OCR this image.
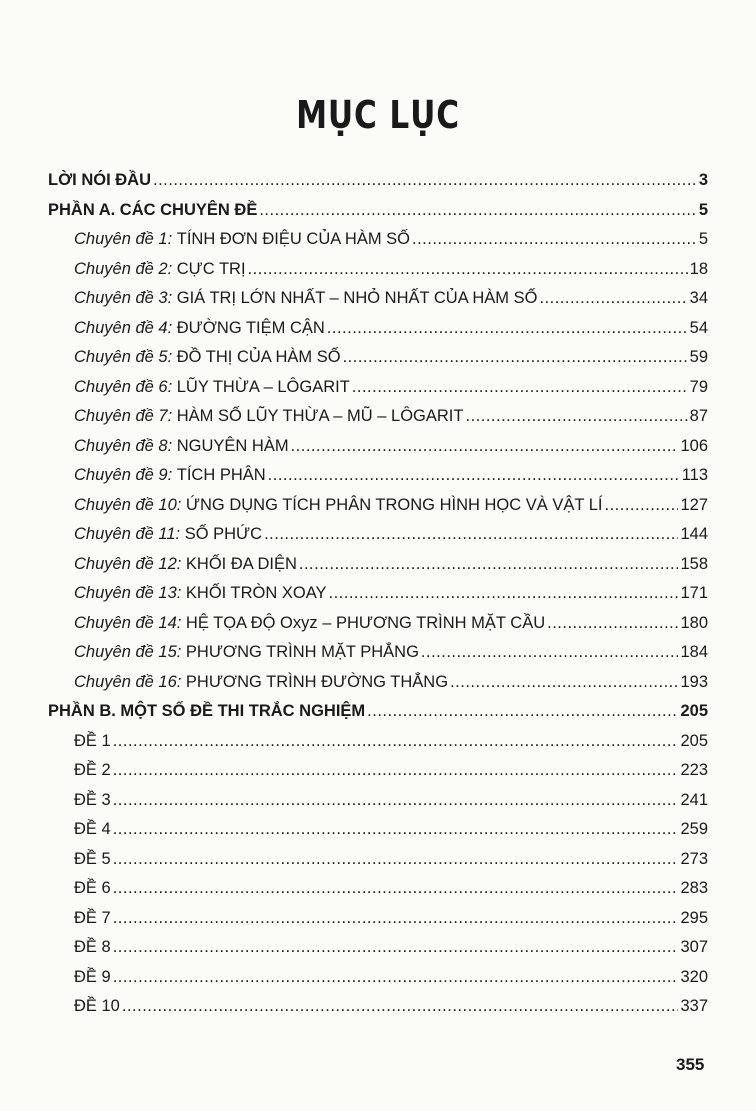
MỤC LỤC
LỜI NÓI ĐẦU .....	3
PHẦN A. CÁC CHUYÊN ĐỀ .....	5
Chuyên đề 1: TÍNH ĐƠN ĐIỆU CỦA HÀM SỐ .....	5
Chuyên đề 2: CỰC TRỊ .....	18
Chuyên đề 3: GIÁ TRỊ LỚN NHẤT – NHỎ NHẤT CỦA HÀM SỐ .....	34
Chuyên đề 4: ĐƯỜNG TIỆM CẬN .....	54
Chuyên đề 5: ĐỒ THỊ CỦA HÀM SỐ .....	59
Chuyên đề 6: LŨY THỪA – LÔGARIT .....	79
Chuyên đề 7: HÀM SỐ LŨY THỪA – MŨ – LÔGARIT .....	87
Chuyên đề 8: NGUYÊN HÀM .....	106
Chuyên đề 9: TÍCH PHÂN .....	113
Chuyên đề 10: ỨNG DỤNG TÍCH PHÂN TRONG HÌNH HỌC VÀ VẬT LÍ .....	127
Chuyên đề 11: SỐ PHỨC .....	144
Chuyên đề 12: KHỐI ĐA DIỆN .....	158
Chuyên đề 13: KHỐI TRÒN XOAY .....	171
Chuyên đề 14: HỆ TỌA ĐỘ Oxyz – PHƯƠNG TRÌNH MẶT CẦU .....	180
Chuyên đề 15: PHƯƠNG TRÌNH MẶT PHẲNG .....	184
Chuyên đề 16: PHƯƠNG TRÌNH ĐƯỜNG THẲNG .....	193
PHẦN B. MỘT SỐ ĐỀ THI TRẮC NGHIỆM .....	205
ĐỀ 1 .....	205
ĐỀ 2 .....	223
ĐỀ 3 .....	241
ĐỀ 4 .....	259
ĐỀ 5 .....	273
ĐỀ 6 .....	283
ĐỀ 7 .....	295
ĐỀ 8 .....	307
ĐỀ 9 .....	320
ĐỀ 10 .....	337
355
